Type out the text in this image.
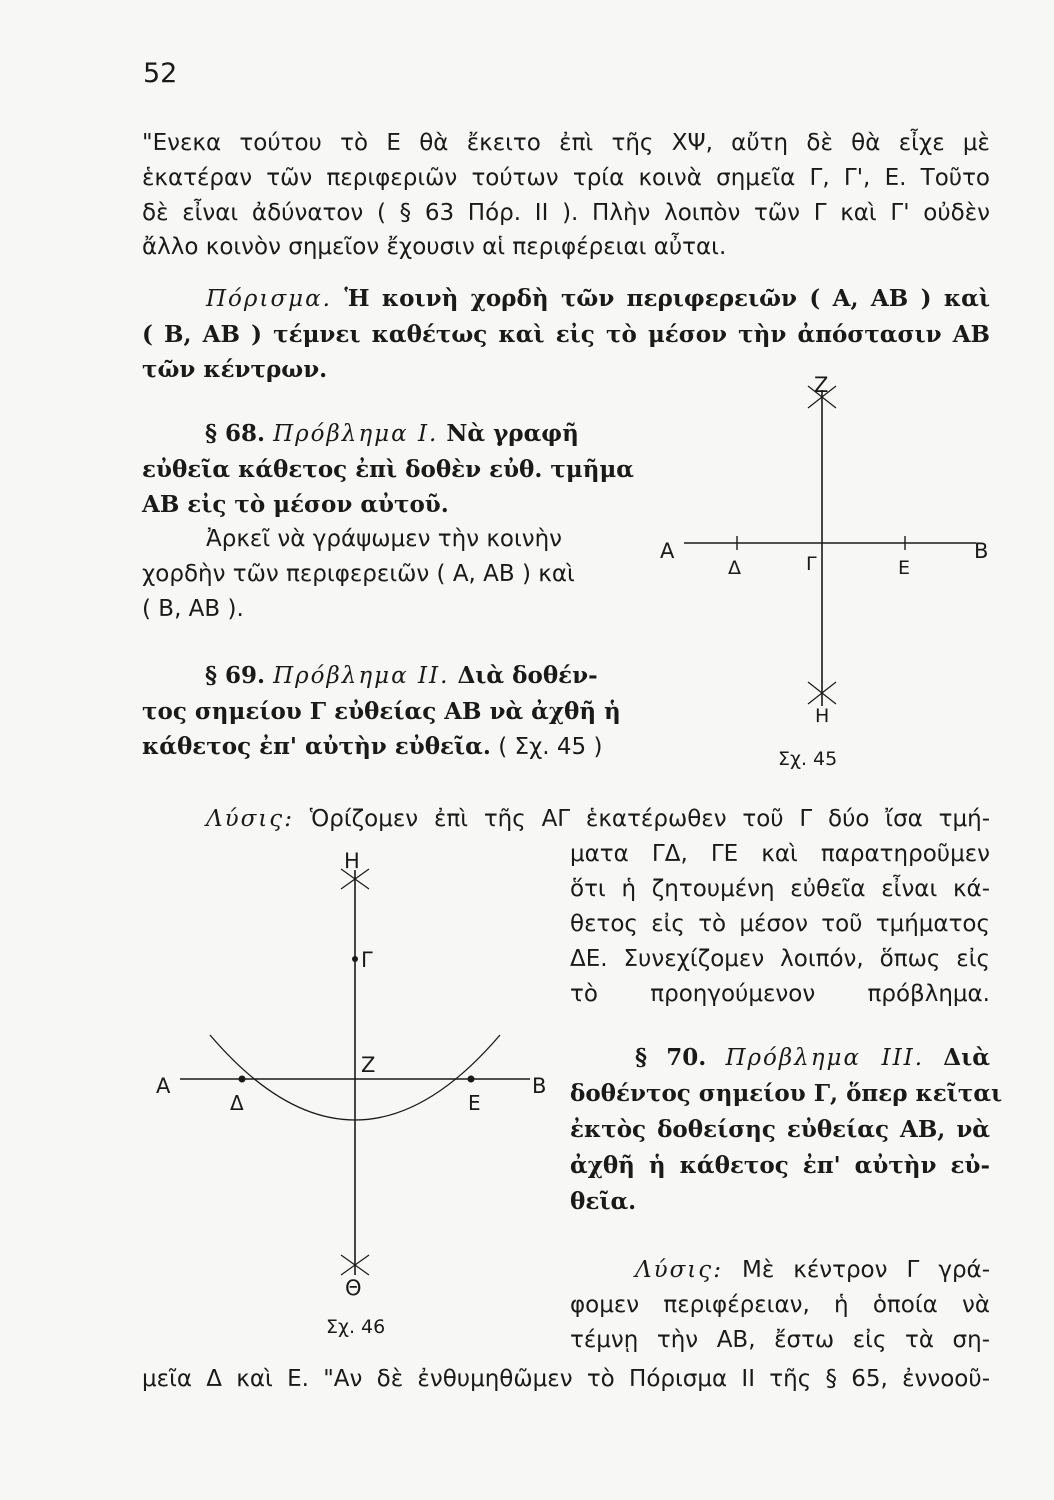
52
"Ενεκα τούτου τὸ Ε θὰ ἔκειτο ἐπὶ τῆς ΧΨ, αὔτη δὲ θὰ εἶχε μὲ
ἑκατέραν τῶν περιφεριῶν τούτων τρία κοινὰ σημεῖα Γ, Γ', Ε. Τοῦτο
δὲ εἶναι ἀδύνατον ( § 63 Πόρ. II ). Πλὴν λοιπὸν τῶν Γ καὶ Γ' οὐδὲν
ἄλλο κοινὸν σημεῖον ἔχουσιν αἱ περιφέρειαι αὖται.
Πόρισμα. Ἡ κοινὴ χορδὴ τῶν περιφερειῶν ( Α, ΑΒ ) καὶ
( Β, ΑΒ ) τέμνει καθέτως καὶ εἰς τὸ μέσον τὴν ἀπόστασιν ΑΒ
τῶν κέντρων.
§ 68. Πρόβλημα I. Νὰ γραφῆ
εὐθεῖα κάθετος ἐπὶ δοθὲν εὐθ. τμῆμα
ΑΒ εἰς τὸ μέσον αὐτοῦ.
Ἀρκεῖ νὰ γράψωμεν τὴν κοινὴν
χορδὴν τῶν περιφερειῶν ( Α, ΑΒ ) καὶ
( Β, ΑΒ ).
§ 69. Πρόβλημα II. Διὰ δοθέν-
τος σημείου Γ εὐθείας ΑΒ νὰ ἀχθῆ ἡ
κάθετος ἐπ' αὐτὴν εὐθεῖα. ( Σχ. 45 )
Z
A	B
Γ
Δ	Ε
Η
Σχ. 45
Λύσις: Ὁρίζομεν ἐπὶ τῆς ΑΓ ἑκατέρωθεν τοῦ Γ δύο ἴσα τμή-
ματα ΓΔ, ΓΕ καὶ παρατηροῦμεν
ὅτι ἡ ζητουμένη εὐθεῖα εἶναι κά-
θετος εἰς τὸ μέσον τοῦ τμήματος
ΔΕ. Συνεχίζομεν λοιπόν, ὅπως εἰς
τὸ προηγούμενον πρόβλημα.
Η
Γ
Z
A	B
Δ	Ε
Θ
Σχ. 46
§ 70. Πρόβλημα III. Διὰ
δοθέντος σημείου Γ, ὅπερ κεῖται
ἐκτὸς δοθείσης εὐθείας ΑΒ, νὰ
ἀχθῆ ἡ κάθετος ἐπ' αὐτὴν εὐ-
θεῖα.
Λύσις: Μὲ κέντρον Γ γρά-
φομεν περιφέρειαν, ἡ ὁποία νὰ
τέμνῃ τὴν ΑΒ, ἔστω εἰς τὰ ση-
μεῖα Δ καὶ Ε. "Αν δὲ ἐνθυμηθῶμεν τὸ Πόρισμα II τῆς § 65, ἐννοοῦ-
